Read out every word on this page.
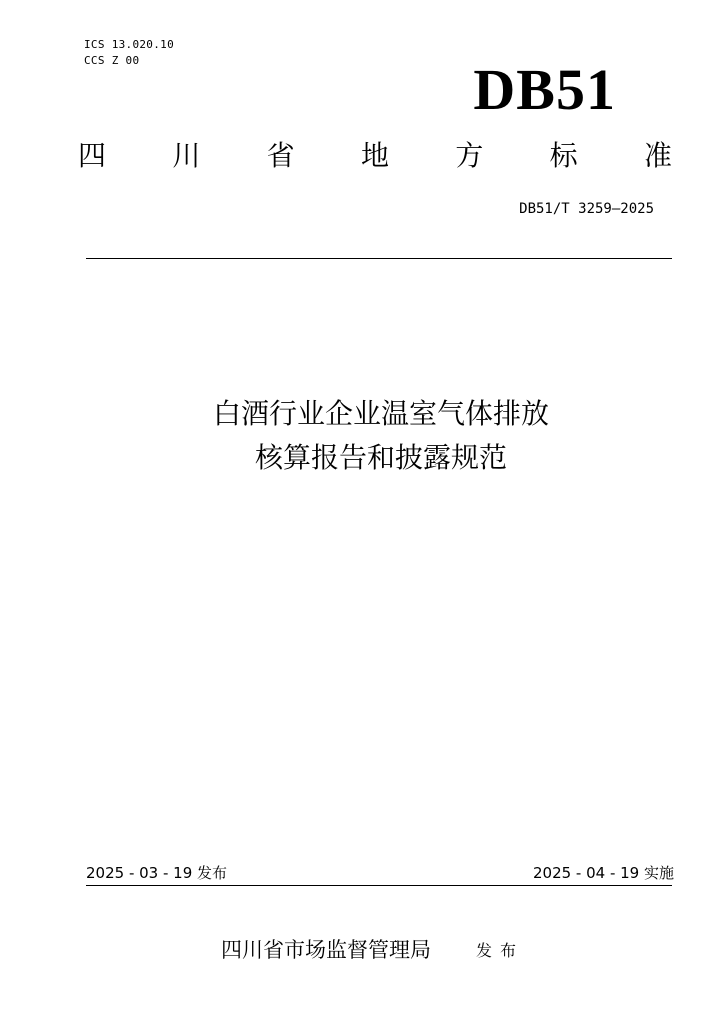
ICS 13.020.10
CCS Z 00	DB51
四 川 省 地 方 标 准
DB51/T 3259—2025
白酒行业企业温室气体排放
核算报告和披露规范
2025 - 03 - 19 发布	2025 - 04 - 19 实施
四川省市场监督管理局	发布
